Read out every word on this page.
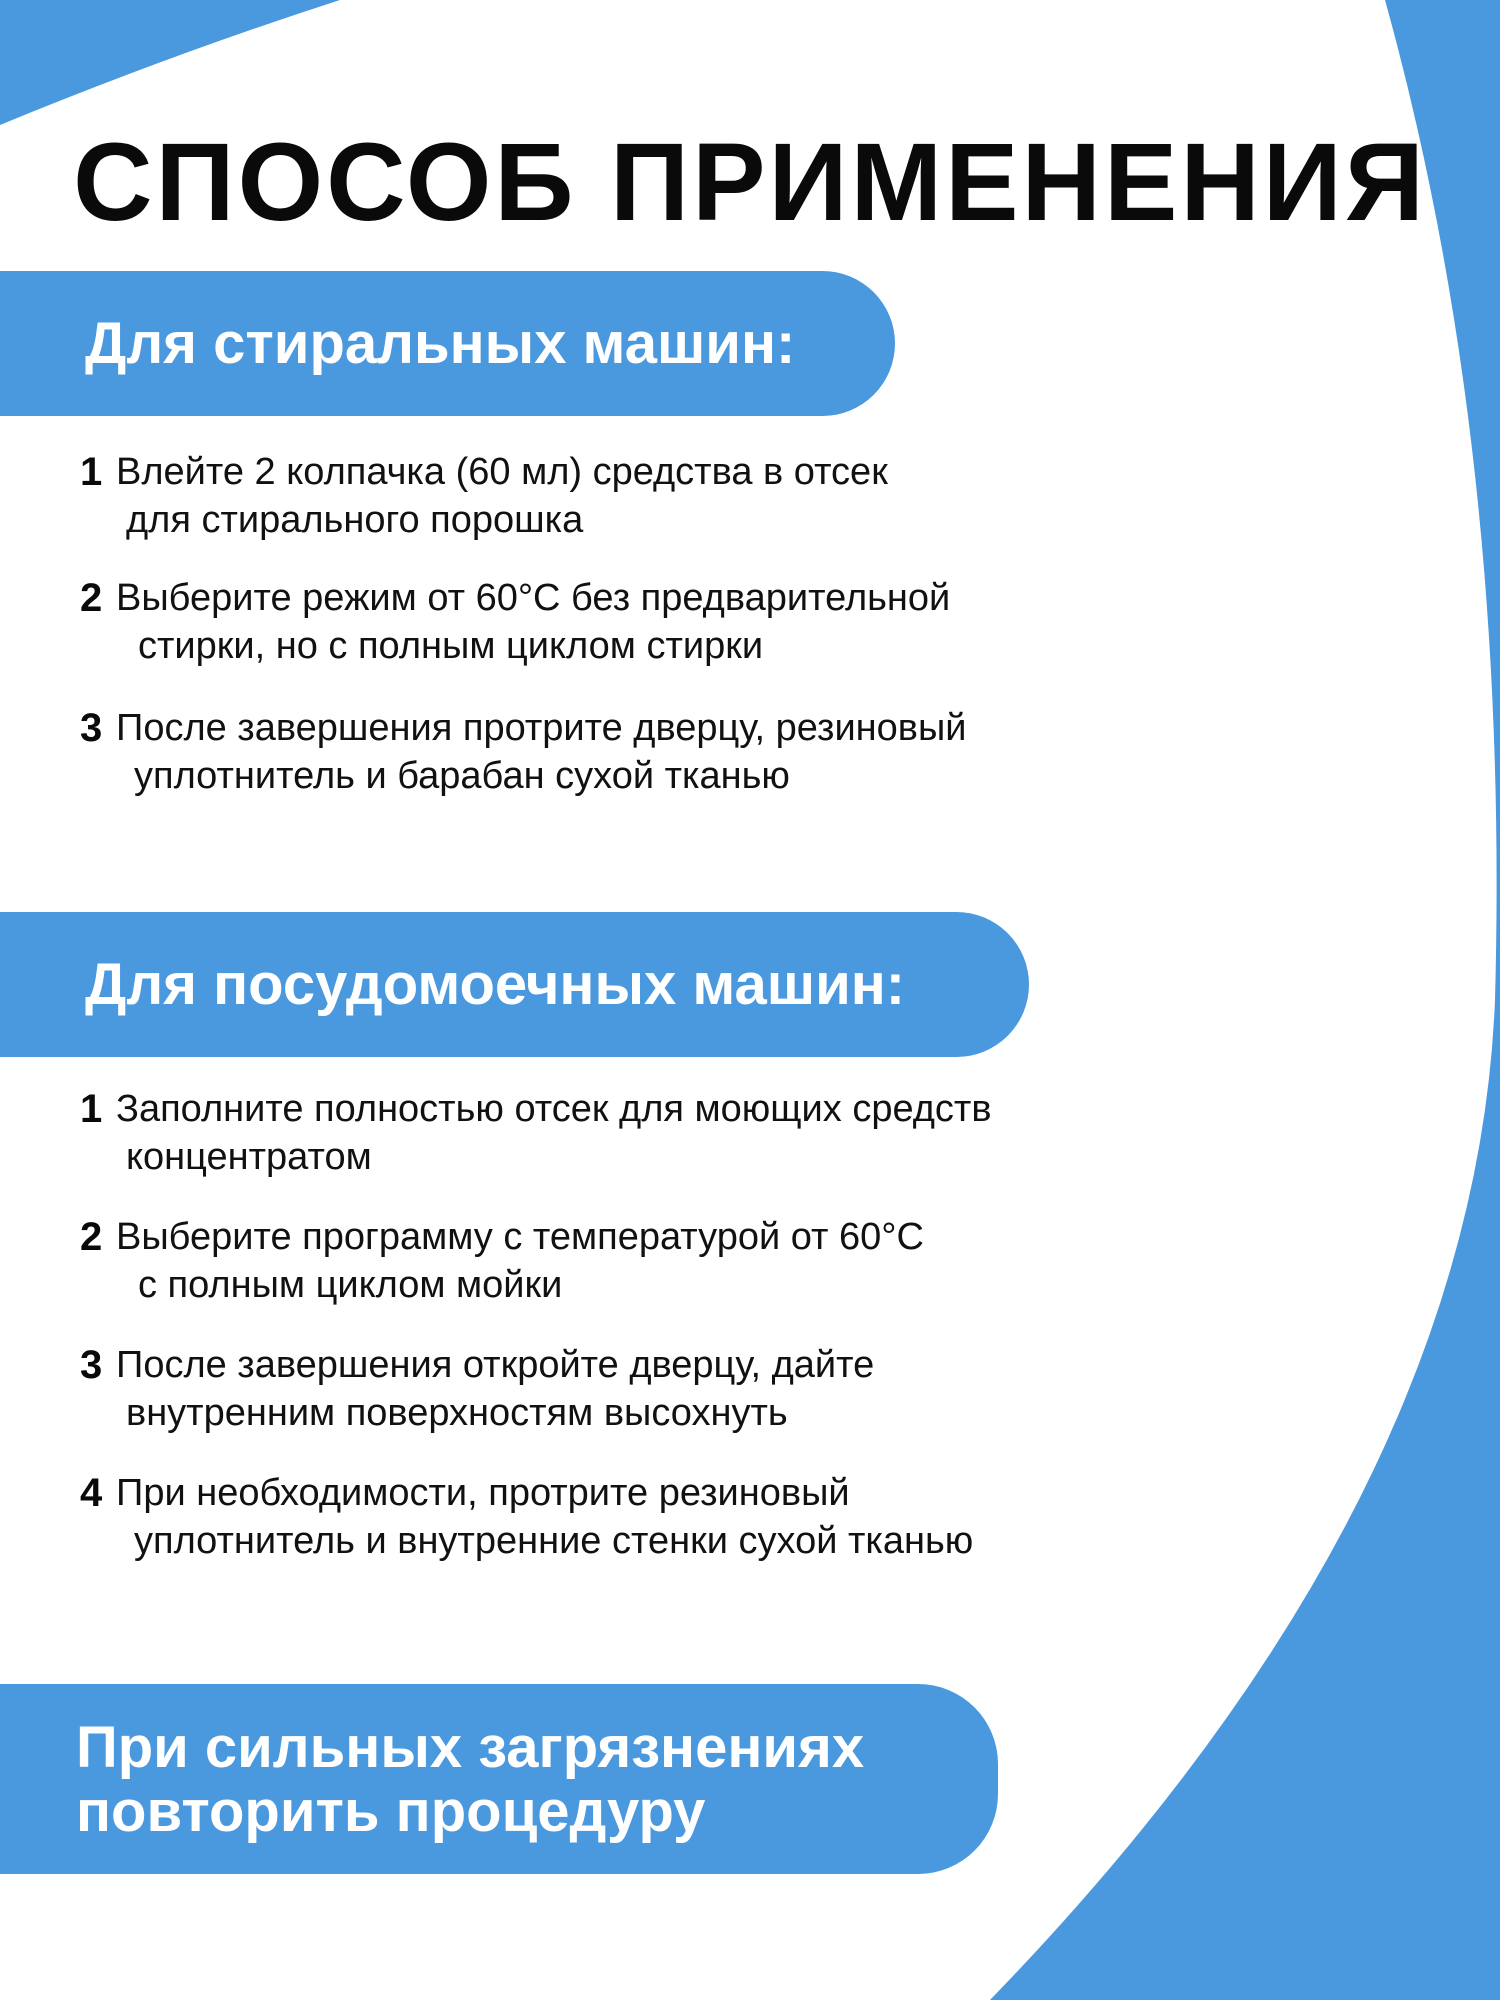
СПОСОБ ПРИМЕНЕНИЯ
Для стиральных машин:
1 Влейте 2 колпачка (60 мл) средства в отсек
для стирального порошка
2 Выберите режим от 60°С без предварительной
стирки, но с полным циклом стирки
3 После завершения протрите дверцу, резиновый
уплотнитель и барабан сухой тканью
Для посудомоечных машин:
1 Заполните полностью отсек для моющих средств
концентратом
2 Выберите программу с температурой от 60°С
с полным циклом мойки
3 После завершения откройте дверцу, дайте
внутренним поверхностям высохнуть
4 При необходимости, протрите резиновый
уплотнитель и внутренние стенки сухой тканью
При сильных загрязнениях
повторить процедуру
